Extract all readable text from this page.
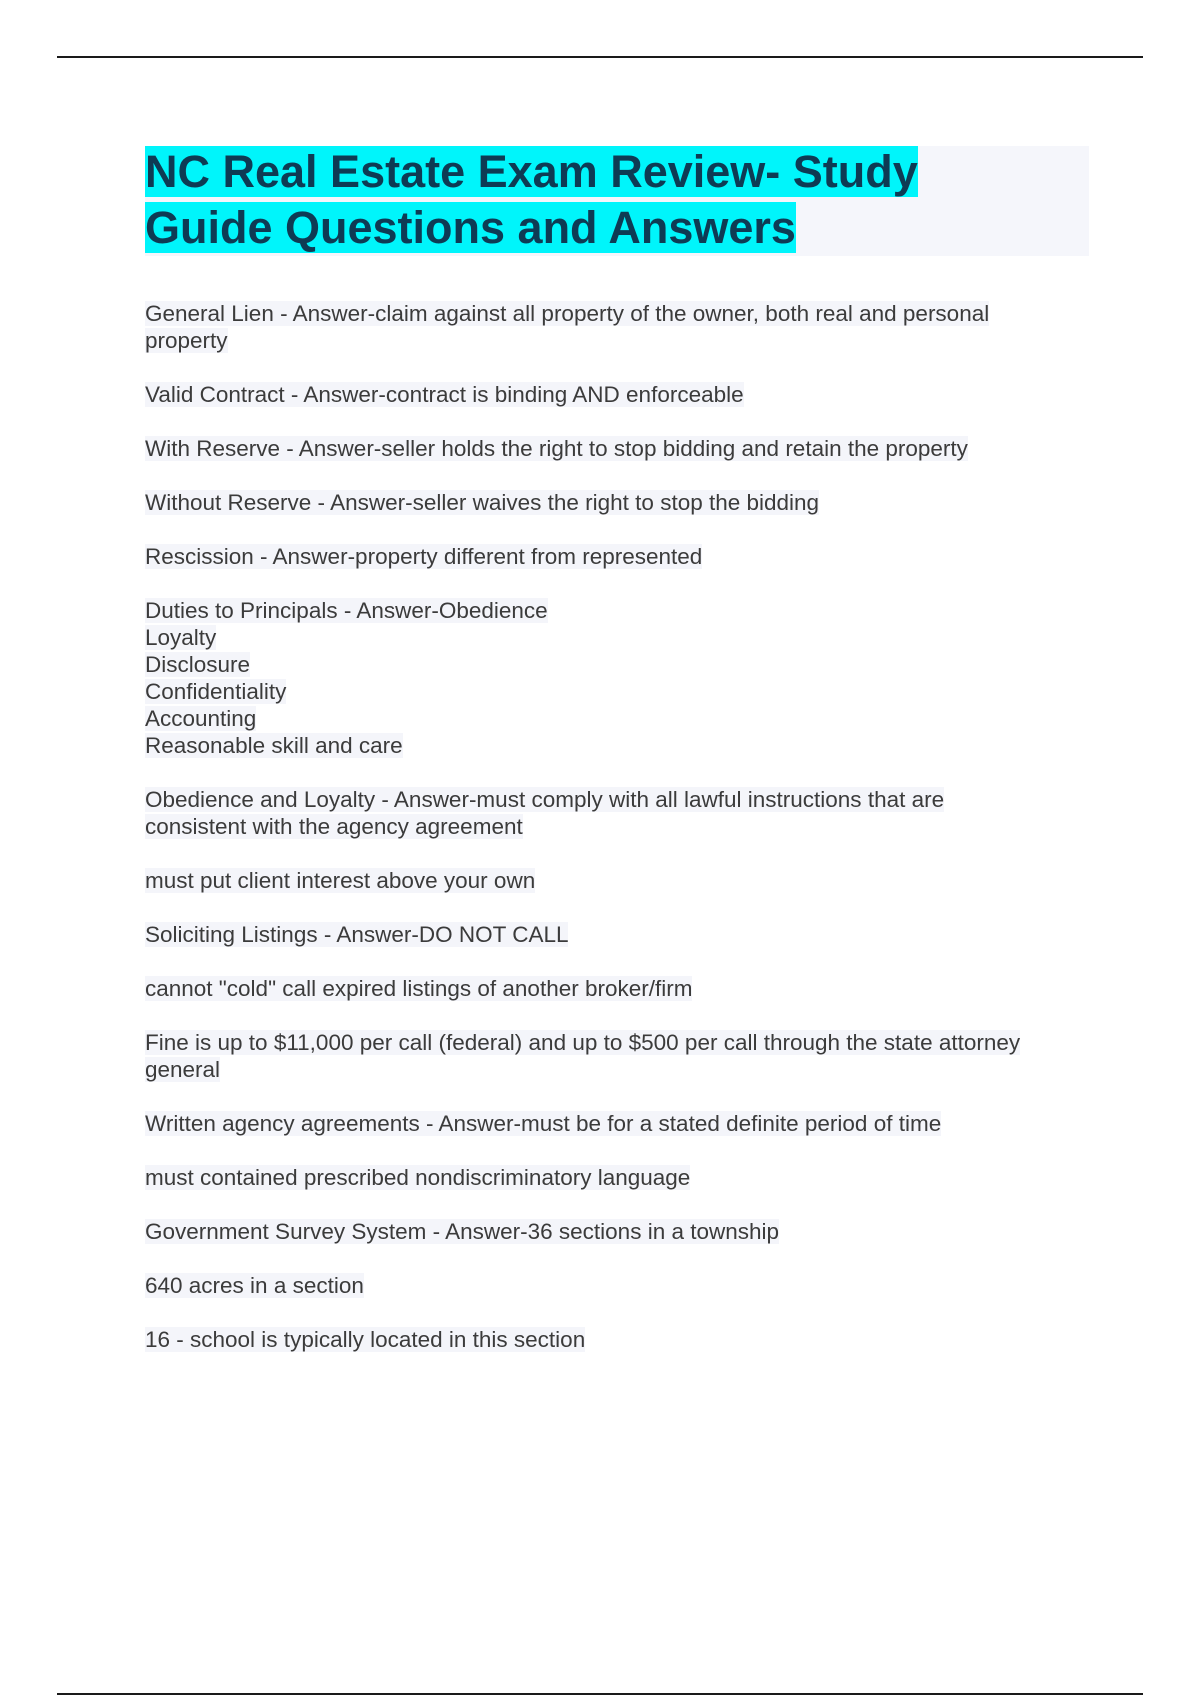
NC Real Estate Exam Review- Study
Guide Questions and Answers

General Lien - Answer-claim against all property of the owner, both real and personal
property

Valid Contract - Answer-contract is binding AND enforceable

With Reserve - Answer-seller holds the right to stop bidding and retain the property

Without Reserve - Answer-seller waives the right to stop the bidding

Rescission - Answer-property different from represented

Duties to Principals - Answer-Obedience
Loyalty
Disclosure
Confidentiality
Accounting
Reasonable skill and care

Obedience and Loyalty - Answer-must comply with all lawful instructions that are
consistent with the agency agreement

must put client interest above your own

Soliciting Listings - Answer-DO NOT CALL

cannot "cold" call expired listings of another broker/firm

Fine is up to $11,000 per call (federal) and up to $500 per call through the state attorney
general

Written agency agreements - Answer-must be for a stated definite period of time

must contained prescribed nondiscriminatory language

Government Survey System - Answer-36 sections in a township

640 acres in a section

16 - school is typically located in this section
